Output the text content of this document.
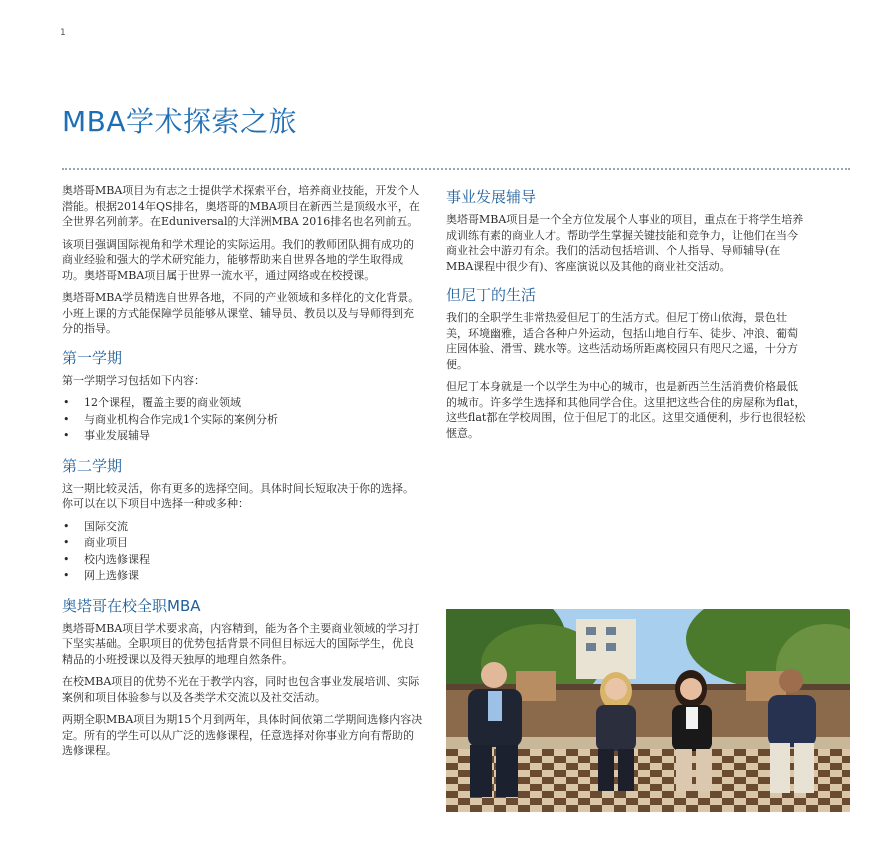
1
MBA学术探索之旅

奥塔哥MBA项目为有志之士提供学术探索平台，培养商业技能，开发个人潜能。根据2014年QS排名，奥塔哥的MBA项目在新西兰是顶级水平，在全世界名列前茅。在Eduniversal的大洋洲MBA 2016排名也名列前五。

该项目强调国际视角和学术理论的实际运用。我们的教师团队拥有成功的商业经验和强大的学术研究能力，能够帮助来自世界各地的学生取得成功。奥塔哥MBA项目属于世界一流水平，通过网络或在校授课。

奥塔哥MBA学员精选自世界各地，不同的产业领域和多样化的文化背景。小班上课的方式能保障学员能够从课堂、辅导员、教员以及与导师得到充分的指导。

第一学期

第一学期学习包括如下内容：

• 12个课程，覆盖主要的商业领域
• 与商业机构合作完成1个实际的案例分析
• 事业发展辅导
第二学期

这一期比较灵活，你有更多的选择空间。具体时间长短取决于你的选择。你可以在以下项目中选择一种或多种：

• 国际交流
• 商业项目
• 校内选修课程
• 网上选修课
奥塔哥在校全职MBA

奥塔哥MBA项目学术要求高，内容精到，能为各个主要商业领域的学习打下坚实基础。全职项目的优势包括背景不同但目标远大的国际学生，优良精品的小班授课以及得天独厚的地理自然条件。

在校MBA项目的优势不光在于教学内容，同时也包含事业发展培训、实际案例和项目体验参与以及各类学术交流以及社交活动。

两期全职MBA项目为期15个月到两年，具体时间依第二学期间选修内容决定。所有的学生可以从广泛的选修课程，任意选择对你事业方向有帮助的选修课程。

事业发展辅导

奥塔哥MBA项目是一个全方位发展个人事业的项目，重点在于将学生培养成训练有素的商业人才。帮助学生掌握关键技能和竞争力，让他们在当今商业社会中游刃有余。我们的活动包括培训、个人指导、导师辅导(在MBA课程中很少有)、客座演说以及其他的商业社交活动。

但尼丁的生活

我们的全职学生非常热爱但尼丁的生活方式。但尼丁傍山依海，景色壮美，环境幽雅，适合各种户外运动，包括山地自行车、徒步、冲浪、葡萄庄园体验、滑雪、跳水等。这些活动场所距离校园只有咫尺之遥，十分方便。

但尼丁本身就是一个以学生为中心的城市，也是新西兰生活消费价格最低的城市。许多学生选择和其他同学合住。这里把这些合住的房屋称为flat，这些flat都在学校周围，位于但尼丁的北区。这里交通便利，步行也很轻松惬意。
